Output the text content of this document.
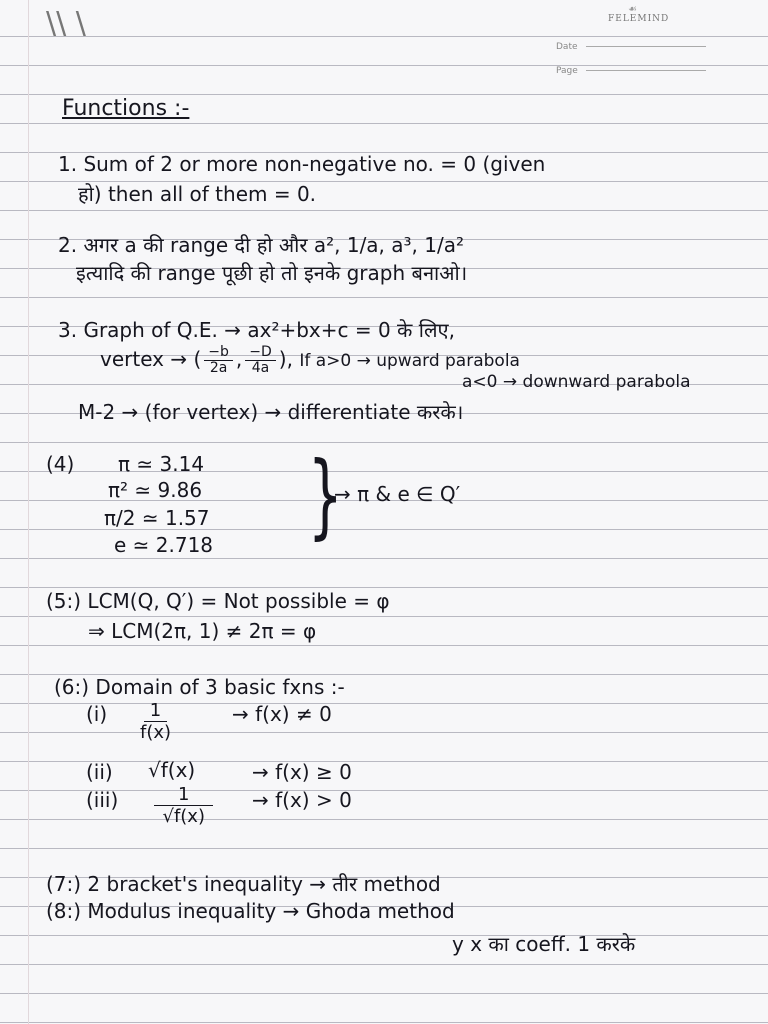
\\ \	☙
FELEMIND
Date
Page
Functions :-
1. Sum of 2 or more non-negative no. = 0 (given
हो) then all of them = 0.
2. अगर a की range दी हो और a², 1/a, a³, 1/a²
इत्यादि की range पूछी हो तो इनके graph बनाओ।
3. Graph of Q.E. → ax²+bx+c = 0 के लिए,
vertex → ( $\frac{-b}{2a}$ , $\frac{-D}{4a}$ ), If a>0 → upward parabola
a<0 → downward parabola
M-2 → (for vertex) → differentiate करके।
(4) π ≃ 3.14
π² ≃ 9.86
π/2 ≃ 1.57
e ≃ 2.718 }
→ π & e ∈ Q′
(5:) LCM(Q, Q′) = Not possible = φ
⇒ LCM(2π, 1) ≠ 2π = φ
(6:) Domain of 3 basic fxns :-
(i)	1
f(x)
→ f(x) ≠ 0
(ii) √f(x)	→ f(x) ≥ 0
(iii)	1
√f(x)
→ f(x) > 0
(7:) 2 bracket's inequality → तीर method
(8:) Modulus inequality → Ghoda method
y x का coeff. 1 करके
